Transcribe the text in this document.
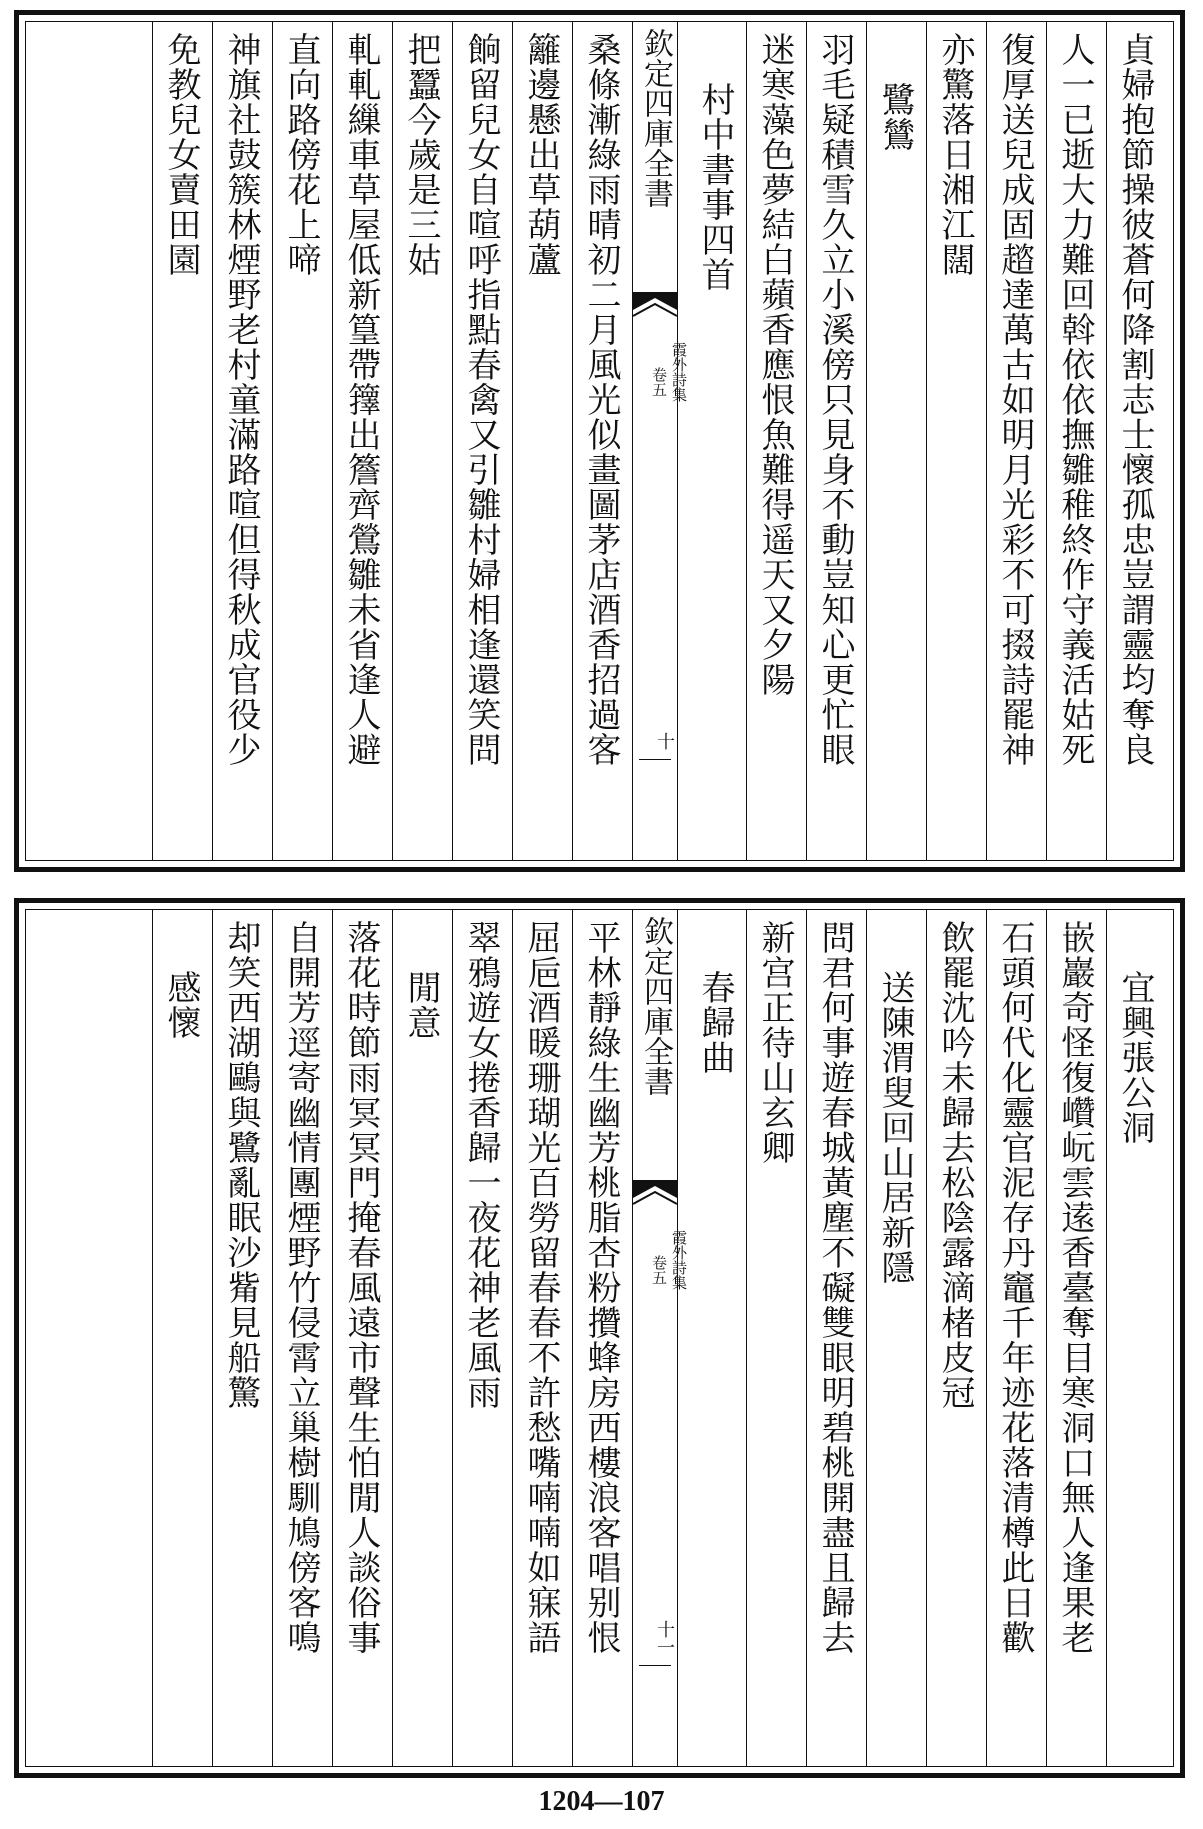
貞婦抱節操彼蒼何降割志士懷孤忠豈謂靈均奪良
人一已逝大力難回斡依依撫雛稚終作守義活姑死
復厚送兒成固趦達萬古如明月光彩不可掇詩罷神
亦驚落日湘江闊
鷺鷥
羽毛疑積雪久立小溪傍只見身不動豈知心更忙眼
迷寒藻色夢結白蘋香應恨魚難得遥天又夕陽
村中書事四首
欽定四庫全書
霞外詩集
卷五
十
桑條漸綠雨晴初二月風光似畫圖茅店酒香招過客
籬邊懸出草葫蘆
餉留兒女自喧呼指點春禽又引雛村婦相逢還笑問
把蠶今歲是三姑
軋軋繅車草屋低新篁帶籜出簷齊鶯雛未省逢人避
直向路傍花上啼
神旗社鼓簇林煙野老村童滿路喧但得秋成官役少
免教兒女賣田園
宜興張公洞
嵌巖奇怪復巑岏雲逺香臺奪目寒洞口無人逢果老
石頭何代化靈官泥存丹竈千年迹花落清樽此日歡
飲罷沈吟未歸去松陰露滴楮皮冠
送陳渭叟回山居新隱
問君何事遊春城黃塵不礙雙眼明碧桃開盡且歸去
新宫正待山玄卿
春歸曲
欽定四庫全書
霞外詩集
卷五
十一
平林靜綠生幽芳桃脂杏粉攢蜂房西樓浪客唱别恨
屈巵酒暖珊瑚光百勞留春春不許愁嘴喃喃如寐語
翠鴉遊女捲香歸一夜花神老風雨
閒意
落花時節雨冥冥門掩春風遠市聲生怕閒人談俗事
自開芳逕寄幽情團煙野竹侵霄立巢樹馴鳩傍客鳴
却笑西湖鷗與鷺亂眠沙觜見船驚
感懷
1204—107
